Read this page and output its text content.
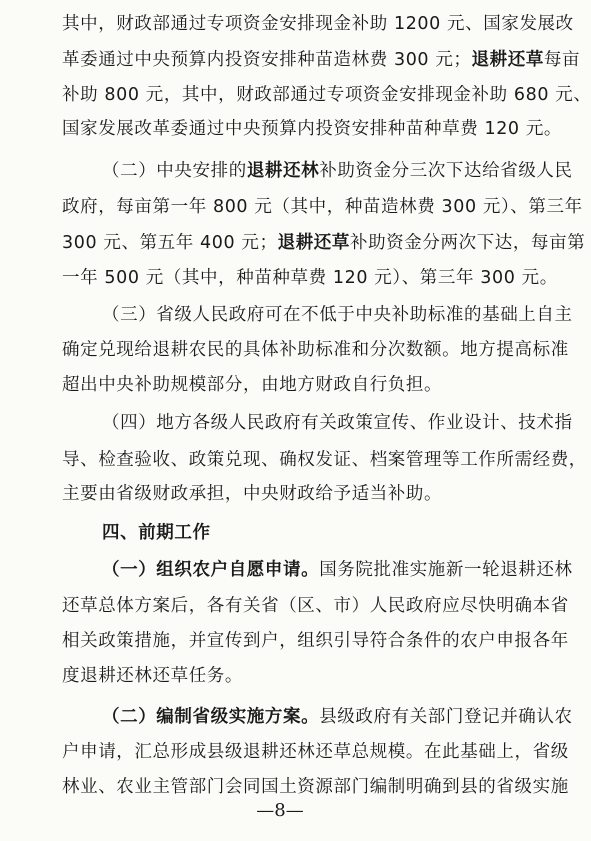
其中，财政部通过专项资金安排现金补助 1200 元、国家发展改
革委通过中央预算内投资安排种苗造林费 300 元；退耕还草每亩
补助 800 元，其中，财政部通过专项资金安排现金补助 680 元、
国家发展改革委通过中央预算内投资安排种苗种草费 120 元。
（二）中央安排的退耕还林补助资金分三次下达给省级人民
政府，每亩第一年 800 元（其中，种苗造林费 300 元）、第三年
300 元、第五年 400 元；退耕还草补助资金分两次下达，每亩第
一年 500 元（其中，种苗种草费 120 元）、第三年 300 元。
（三）省级人民政府可在不低于中央补助标准的基础上自主
确定兑现给退耕农民的具体补助标准和分次数额。地方提高标准
超出中央补助规模部分，由地方财政自行负担。
（四）地方各级人民政府有关政策宣传、作业设计、技术指
导、检查验收、政策兑现、确权发证、档案管理等工作所需经费，
主要由省级财政承担，中央财政给予适当补助。
四、前期工作
（一）组织农户自愿申请。国务院批准实施新一轮退耕还林
还草总体方案后，各有关省（区、市）人民政府应尽快明确本省
相关政策措施，并宣传到户，组织引导符合条件的农户申报各年
度退耕还林还草任务。
（二）编制省级实施方案。县级政府有关部门登记并确认农
户申请，汇总形成县级退耕还林还草总规模。在此基础上，省级
林业、农业主管部门会同国土资源部门编制明确到县的省级实施
—8—
